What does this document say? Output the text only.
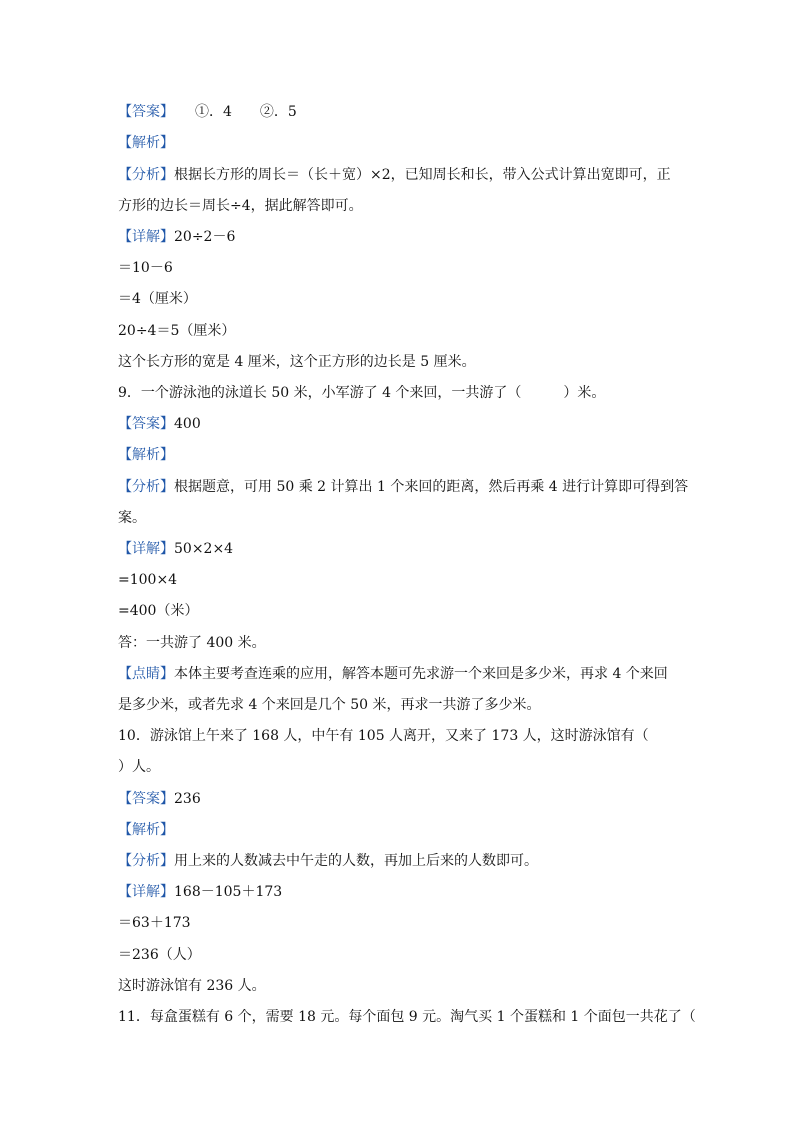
【答案】　　①．4　　②．5

【解析】

【分析】根据长方形的周长＝（长＋宽）×2，已知周长和长，带入公式计算出宽即可，正

方形的边长＝周长÷4，据此解答即可。

【详解】20÷2－6

＝10－6

＝4（厘米）

20÷4＝5（厘米）

这个长方形的宽是 4 厘米，这个正方形的边长是 5 厘米。

9．一个游泳池的泳道长 50 米，小军游了 4 个来回，一共游了（　　　）米。

【答案】400

【解析】

【分析】根据题意，可用 50 乘 2 计算出 1 个来回的距离，然后再乘 4 进行计算即可得到答

案。

【详解】50×2×4

=100×4

=400（米）

答：一共游了 400 米。

【点睛】本体主要考查连乘的应用，解答本题可先求游一个来回是多少米，再求 4 个来回

是多少米，或者先求 4 个来回是几个 50 米，再求一共游了多少米。

10．游泳馆上午来了 168 人，中午有 105 人离开，又来了 173 人，这时游泳馆有（

）人。

【答案】236

【解析】

【分析】用上来的人数减去中午走的人数，再加上后来的人数即可。

【详解】168－105＋173

＝63＋173

＝236（人）

这时游泳馆有 236 人。

11．每盒蛋糕有 6 个，需要 18 元。每个面包 9 元。淘气买 1 个蛋糕和 1 个面包一共花了（
